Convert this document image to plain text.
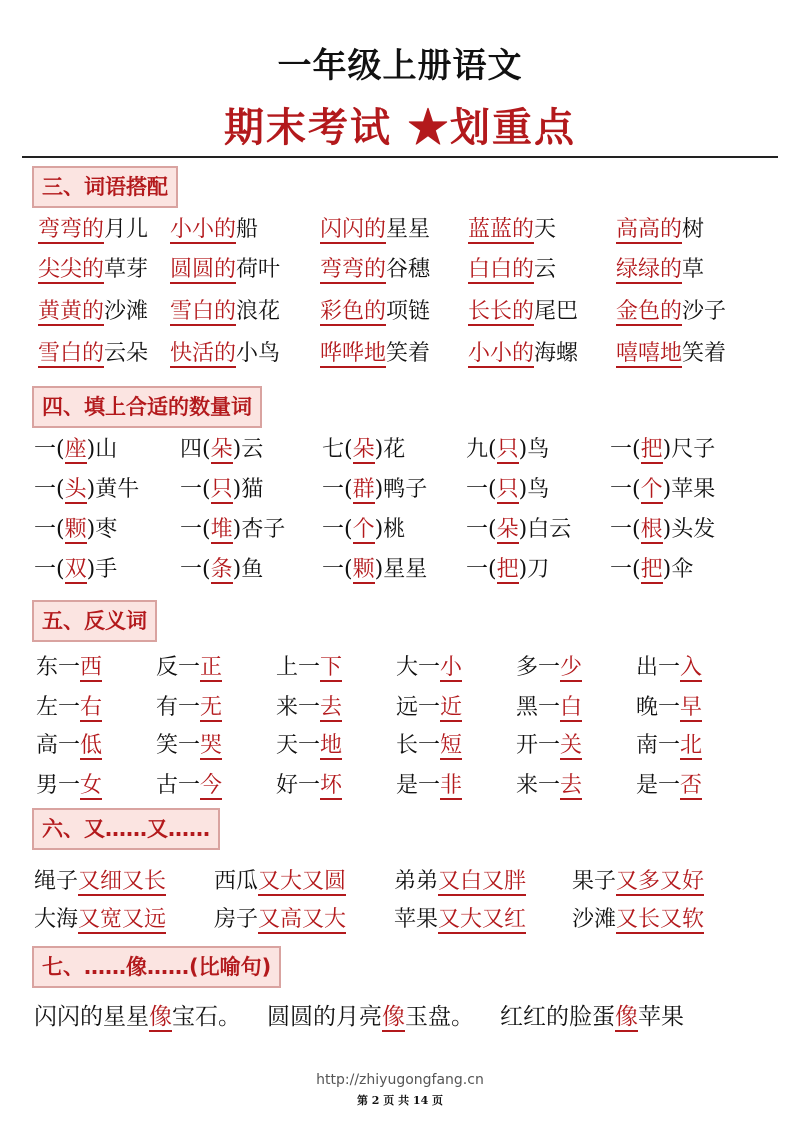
一年级上册语文
期末考试 ★划重点
三、词语搭配
弯弯的月儿 小小的船	闪闪的星星 蓝蓝的天	高高的树
尖尖的草芽 圆圆的荷叶 弯弯的谷穗 白白的云	绿绿的草
黄黄的沙滩 雪白的浪花 彩色的项链 长长的尾巴 金色的沙子
雪白的云朵 快活的小鸟 哗哗地笑着 小小的海螺 嘻嘻地笑着
四、填上合适的数量词
一(座)山	四(朵)云	七(朵)花	九(只)鸟	一(把)尺子
一(头)黄牛 一(只)猫	一(群)鸭子 一(只)鸟	一(个)苹果
一(颗)枣	一(堆)杏子 一(个)桃	一(朵)白云 一(根)头发
一(双)手	一(条)鱼	一(颗)星星 一(把)刀	一(把)伞
五、反义词
东一西 反一正 上一下 大一小 多一少 出一入
左一右 有一无 来一去 远一近 黑一白 晚一早
高一低 笑一哭 天一地 长一短 开一关 南一北
男一女 古一今 好一坏 是一非 来一去 是一否
六、又……又……
绳子又细又长 西瓜又大又圆 弟弟又白又胖 果子又多又好
大海又宽又远 房子又高又大 苹果又大又红 沙滩又长又软
七、……像……(比喻句)
闪闪的星星像宝石。 圆圆的月亮像玉盘。 红红的脸蛋像苹果
http://zhiyugongfang.cn
第 2 页 共 14 页
